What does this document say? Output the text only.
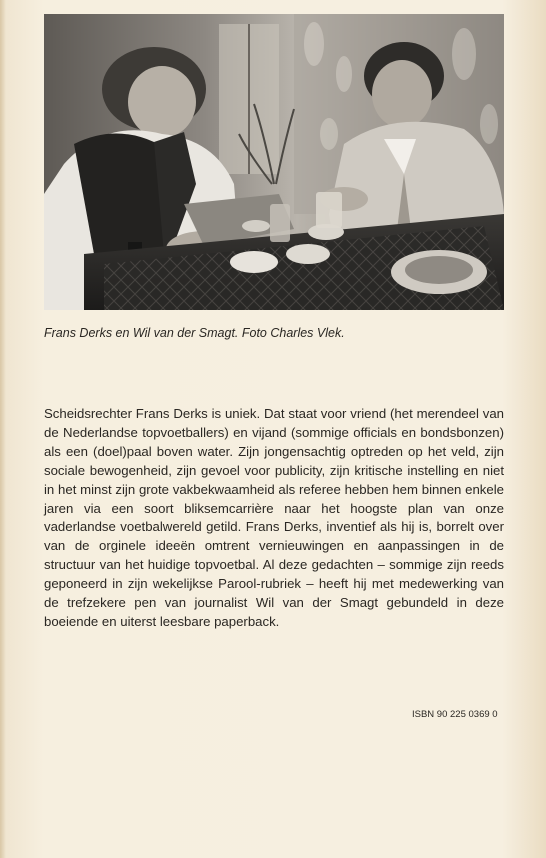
Frans Derks en Wil van der Smagt. Foto Charles Vlek.
Scheidsrechter Frans Derks is uniek. Dat staat voor vriend (het merendeel van de Nederlandse topvoetballers) en vijand (sommige officials en bondsbonzen) als een (doel)paal boven water. Zijn jongensachtig optreden op het veld, zijn sociale bewogenheid, zijn gevoel voor publicity, zijn kritische instelling en niet in het minst zijn grote vakbekwaamheid als referee hebben hem binnen enkele jaren via een soort bliksemcarrière naar het hoogste plan van onze vaderlandse voetbalwereld getild. Frans Derks, inventief als hij is, borrelt over van de orginele ideeën omtrent vernieuwingen en aanpassingen in de structuur van het huidige topvoetbal. Al deze gedachten – sommige zijn reeds geponeerd in zijn wekelijkse Parool-rubriek – heeft hij met medewerking van de trefzekere pen van journalist Wil van der Smagt gebundeld in deze boeiende en uiterst leesbare paperback.
ISBN 90 225 0369 0
